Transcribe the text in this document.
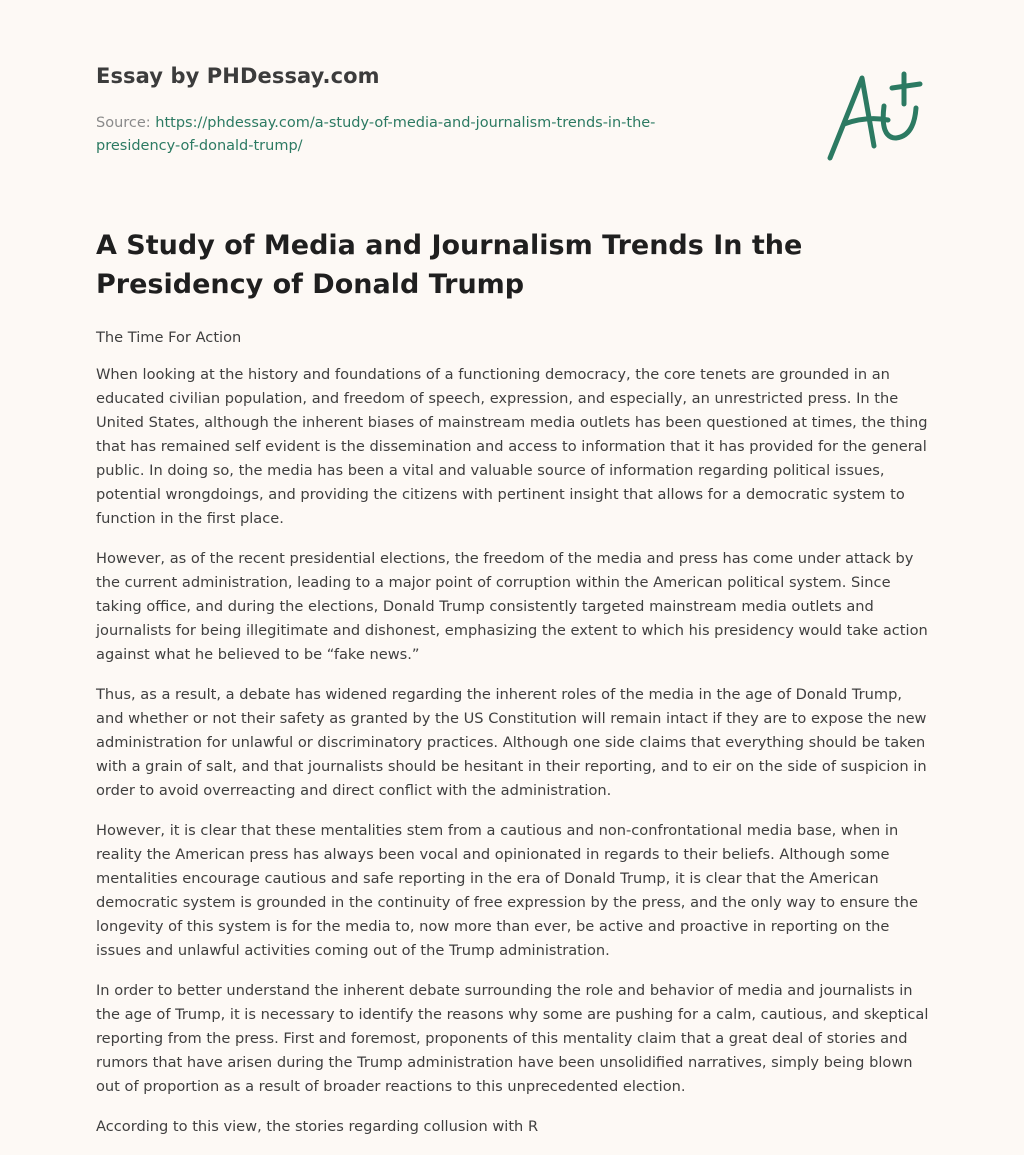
Essay by PHDessay.com
Source: https://phdessay.com/a-study-of-media-and-journalism-trends-in-the-
presidency-of-donald-trump/
A Study of Media and Journalism Trends In the Presidency of Donald Trump

The Time For Action

When looking at the history and foundations of a functioning democracy, the core tenets are grounded in an educated civilian population, and freedom of speech, expression, and especially, an unrestricted press. In the United States, although the inherent biases of mainstream media outlets has been questioned at times, the thing that has remained self evident is the dissemination and access to information that it has provided for the general public. In doing so, the media has been a vital and valuable source of information regarding political issues, potential wrongdoings, and providing the citizens with pertinent insight that allows for a democratic system to function in the first place.

However, as of the recent presidential elections, the freedom of the media and press has come under attack by the current administration, leading to a major point of corruption within the American political system. Since taking office, and during the elections, Donald Trump consistently targeted mainstream media outlets and journalists for being illegitimate and dishonest, emphasizing the extent to which his presidency would take action against what he believed to be “fake news.”

Thus, as a result, a debate has widened regarding the inherent roles of the media in the age of Donald Trump, and whether or not their safety as granted by the US Constitution will remain intact if they are to expose the new administration for unlawful or discriminatory practices. Although one side claims that everything should be taken with a grain of salt, and that journalists should be hesitant in their reporting, and to eir on the side of suspicion in order to avoid overreacting and direct conflict with the administration.

However, it is clear that these mentalities stem from a cautious and non-confrontational media base, when in reality the American press has always been vocal and opinionated in regards to their beliefs. Although some mentalities encourage cautious and safe reporting in the era of Donald Trump, it is clear that the American democratic system is grounded in the continuity of free expression by the press, and the only way to ensure the longevity of this system is for the media to, now more than ever, be active and proactive in reporting on the issues and unlawful activities coming out of the Trump administration.

In order to better understand the inherent debate surrounding the role and behavior of media and journalists in the age of Trump, it is necessary to identify the reasons why some are pushing for a calm, cautious, and skeptical reporting from the press. First and foremost, proponents of this mentality claim that a great deal of stories and rumors that have arisen during the Trump administration have been unsolidified narratives, simply being blown out of proportion as a result of broader reactions to this unprecedented election.

According to this view, the stories regarding collusion with R
